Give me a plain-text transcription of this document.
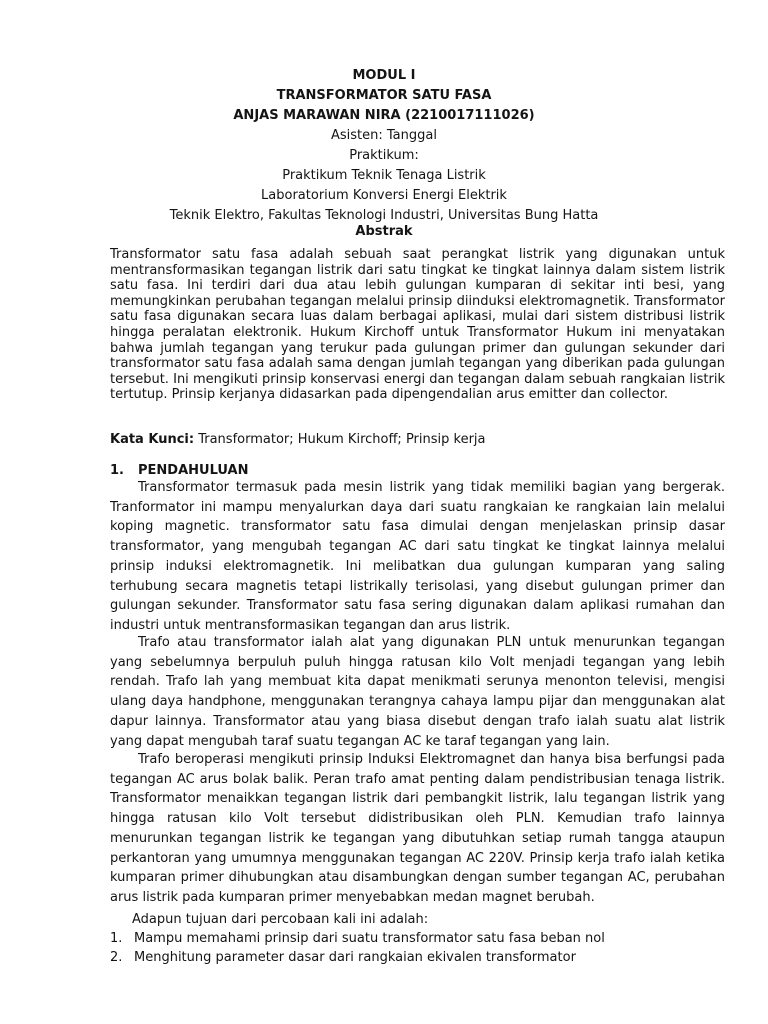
MODUL I
TRANSFORMATOR SATU FASA
ANJAS MARAWAN NIRA (2210017111026)
Asisten: Tanggal
Praktikum:
Praktikum Teknik Tenaga Listrik
Laboratorium Konversi Energi Elektrik
Teknik Elektro, Fakultas Teknologi Industri, Universitas Bung Hatta
Abstrak

Transformator satu fasa adalah sebuah saat perangkat listrik yang digunakan untuk mentransformasikan tegangan listrik dari satu tingkat ke tingkat lainnya dalam sistem listrik satu fasa. Ini terdiri dari dua atau lebih gulungan kumparan di sekitar inti besi, yang memungkinkan perubahan tegangan melalui prinsip diinduksi elektromagnetik. Transformator satu fasa digunakan secara luas dalam berbagai aplikasi, mulai dari sistem distribusi listrik hingga peralatan elektronik. Hukum Kirchoff untuk Transformator Hukum ini menyatakan bahwa jumlah tegangan yang terukur pada gulungan primer dan gulungan sekunder dari transformator satu fasa adalah sama dengan jumlah tegangan yang diberikan pada gulungan tersebut. Ini mengikuti prinsip konservasi energi dan tegangan dalam sebuah rangkaian listrik tertutup. Prinsip kerjanya didasarkan pada dipengendalian arus emitter dan collector.

Kata Kunci: Transformator; Hukum Kirchoff; Prinsip kerja

1. PENDAHULUAN

Transformator termasuk pada mesin listrik yang tidak memiliki bagian yang bergerak. Tranformator ini mampu menyalurkan daya dari suatu rangkaian ke rangkaian lain melalui koping magnetic. transformator satu fasa dimulai dengan menjelaskan prinsip dasar transformator, yang mengubah tegangan AC dari satu tingkat ke tingkat lainnya melalui prinsip induksi elektromagnetik. Ini melibatkan dua gulungan kumparan yang saling terhubung secara magnetis tetapi listrikally terisolasi, yang disebut gulungan primer dan gulungan sekunder. Transformator satu fasa sering digunakan dalam aplikasi rumahan dan industri untuk mentransformasikan tegangan dan arus listrik.

Trafo atau transformator ialah alat yang digunakan PLN untuk menurunkan tegangan yang sebelumnya berpuluh puluh hingga ratusan kilo Volt menjadi tegangan yang lebih rendah. Trafo lah yang membuat kita dapat menikmati serunya menonton televisi, mengisi ulang daya handphone, menggunakan terangnya cahaya lampu pijar dan menggunakan alat dapur lainnya. Transformator atau yang biasa disebut dengan trafo ialah suatu alat listrik yang dapat mengubah taraf suatu tegangan AC ke taraf tegangan yang lain.

Trafo beroperasi mengikuti prinsip Induksi Elektromagnet dan hanya bisa berfungsi pada tegangan AC arus bolak balik. Peran trafo amat penting dalam pendistribusian tenaga listrik. Transformator menaikkan tegangan listrik dari pembangkit listrik, lalu tegangan listrik yang hingga ratusan kilo Volt tersebut didistribusikan oleh PLN. Kemudian trafo lainnya menurunkan tegangan listrik ke tegangan yang dibutuhkan setiap rumah tangga ataupun perkantoran yang umumnya menggunakan tegangan AC 220V. Prinsip kerja trafo ialah ketika kumparan primer dihubungkan atau disambungkan dengan sumber tegangan AC, perubahan arus listrik pada kumparan primer menyebabkan medan magnet berubah.

Adapun tujuan dari percobaan kali ini adalah:

1. Mampu memahami prinsip dari suatu transformator satu fasa beban nol
2. Menghitung parameter dasar dari rangkaian ekivalen transformator
